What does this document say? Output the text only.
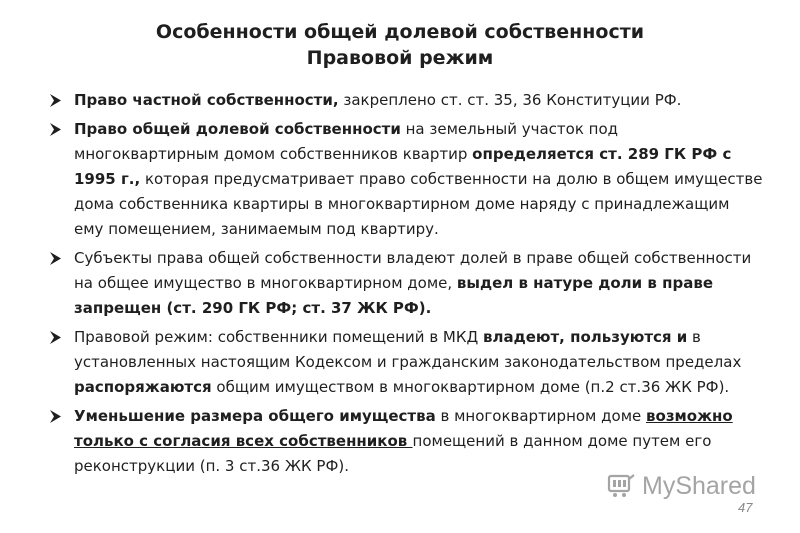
Особенности общей долевой собственности
Правовой режим
Право частной собственности, закреплено ст. ст. 35, 36 Конституции РФ.
Право общей долевой собственности на земельный участок под многоквартирным домом собственников квартир определяется ст. 289 ГК РФ с 1995 г., которая предусматривает право собственности на долю в общем имуществе дома собственника квартиры в многоквартирном доме наряду с принадлежащим ему помещением, занимаемым под квартиру.
Субъекты права общей собственности владеют долей в праве общей собственности на общее имущество в многоквартирном доме, выдел в натуре доли в праве запрещен (ст. 290 ГК РФ; ст. 37 ЖК РФ).
Правовой режим: собственники помещений в МКД владеют, пользуются и в установленных настоящим Кодексом и гражданским законодательством пределах распоряжаются общим имуществом в многоквартирном доме (п.2 ст.36 ЖК РФ).
Уменьшение размера общего имущества в многоквартирном доме возможно только с согласия всех собственников помещений в данном доме путем его реконструкции (п. 3 ст.36 ЖК РФ).
MyShared
47
